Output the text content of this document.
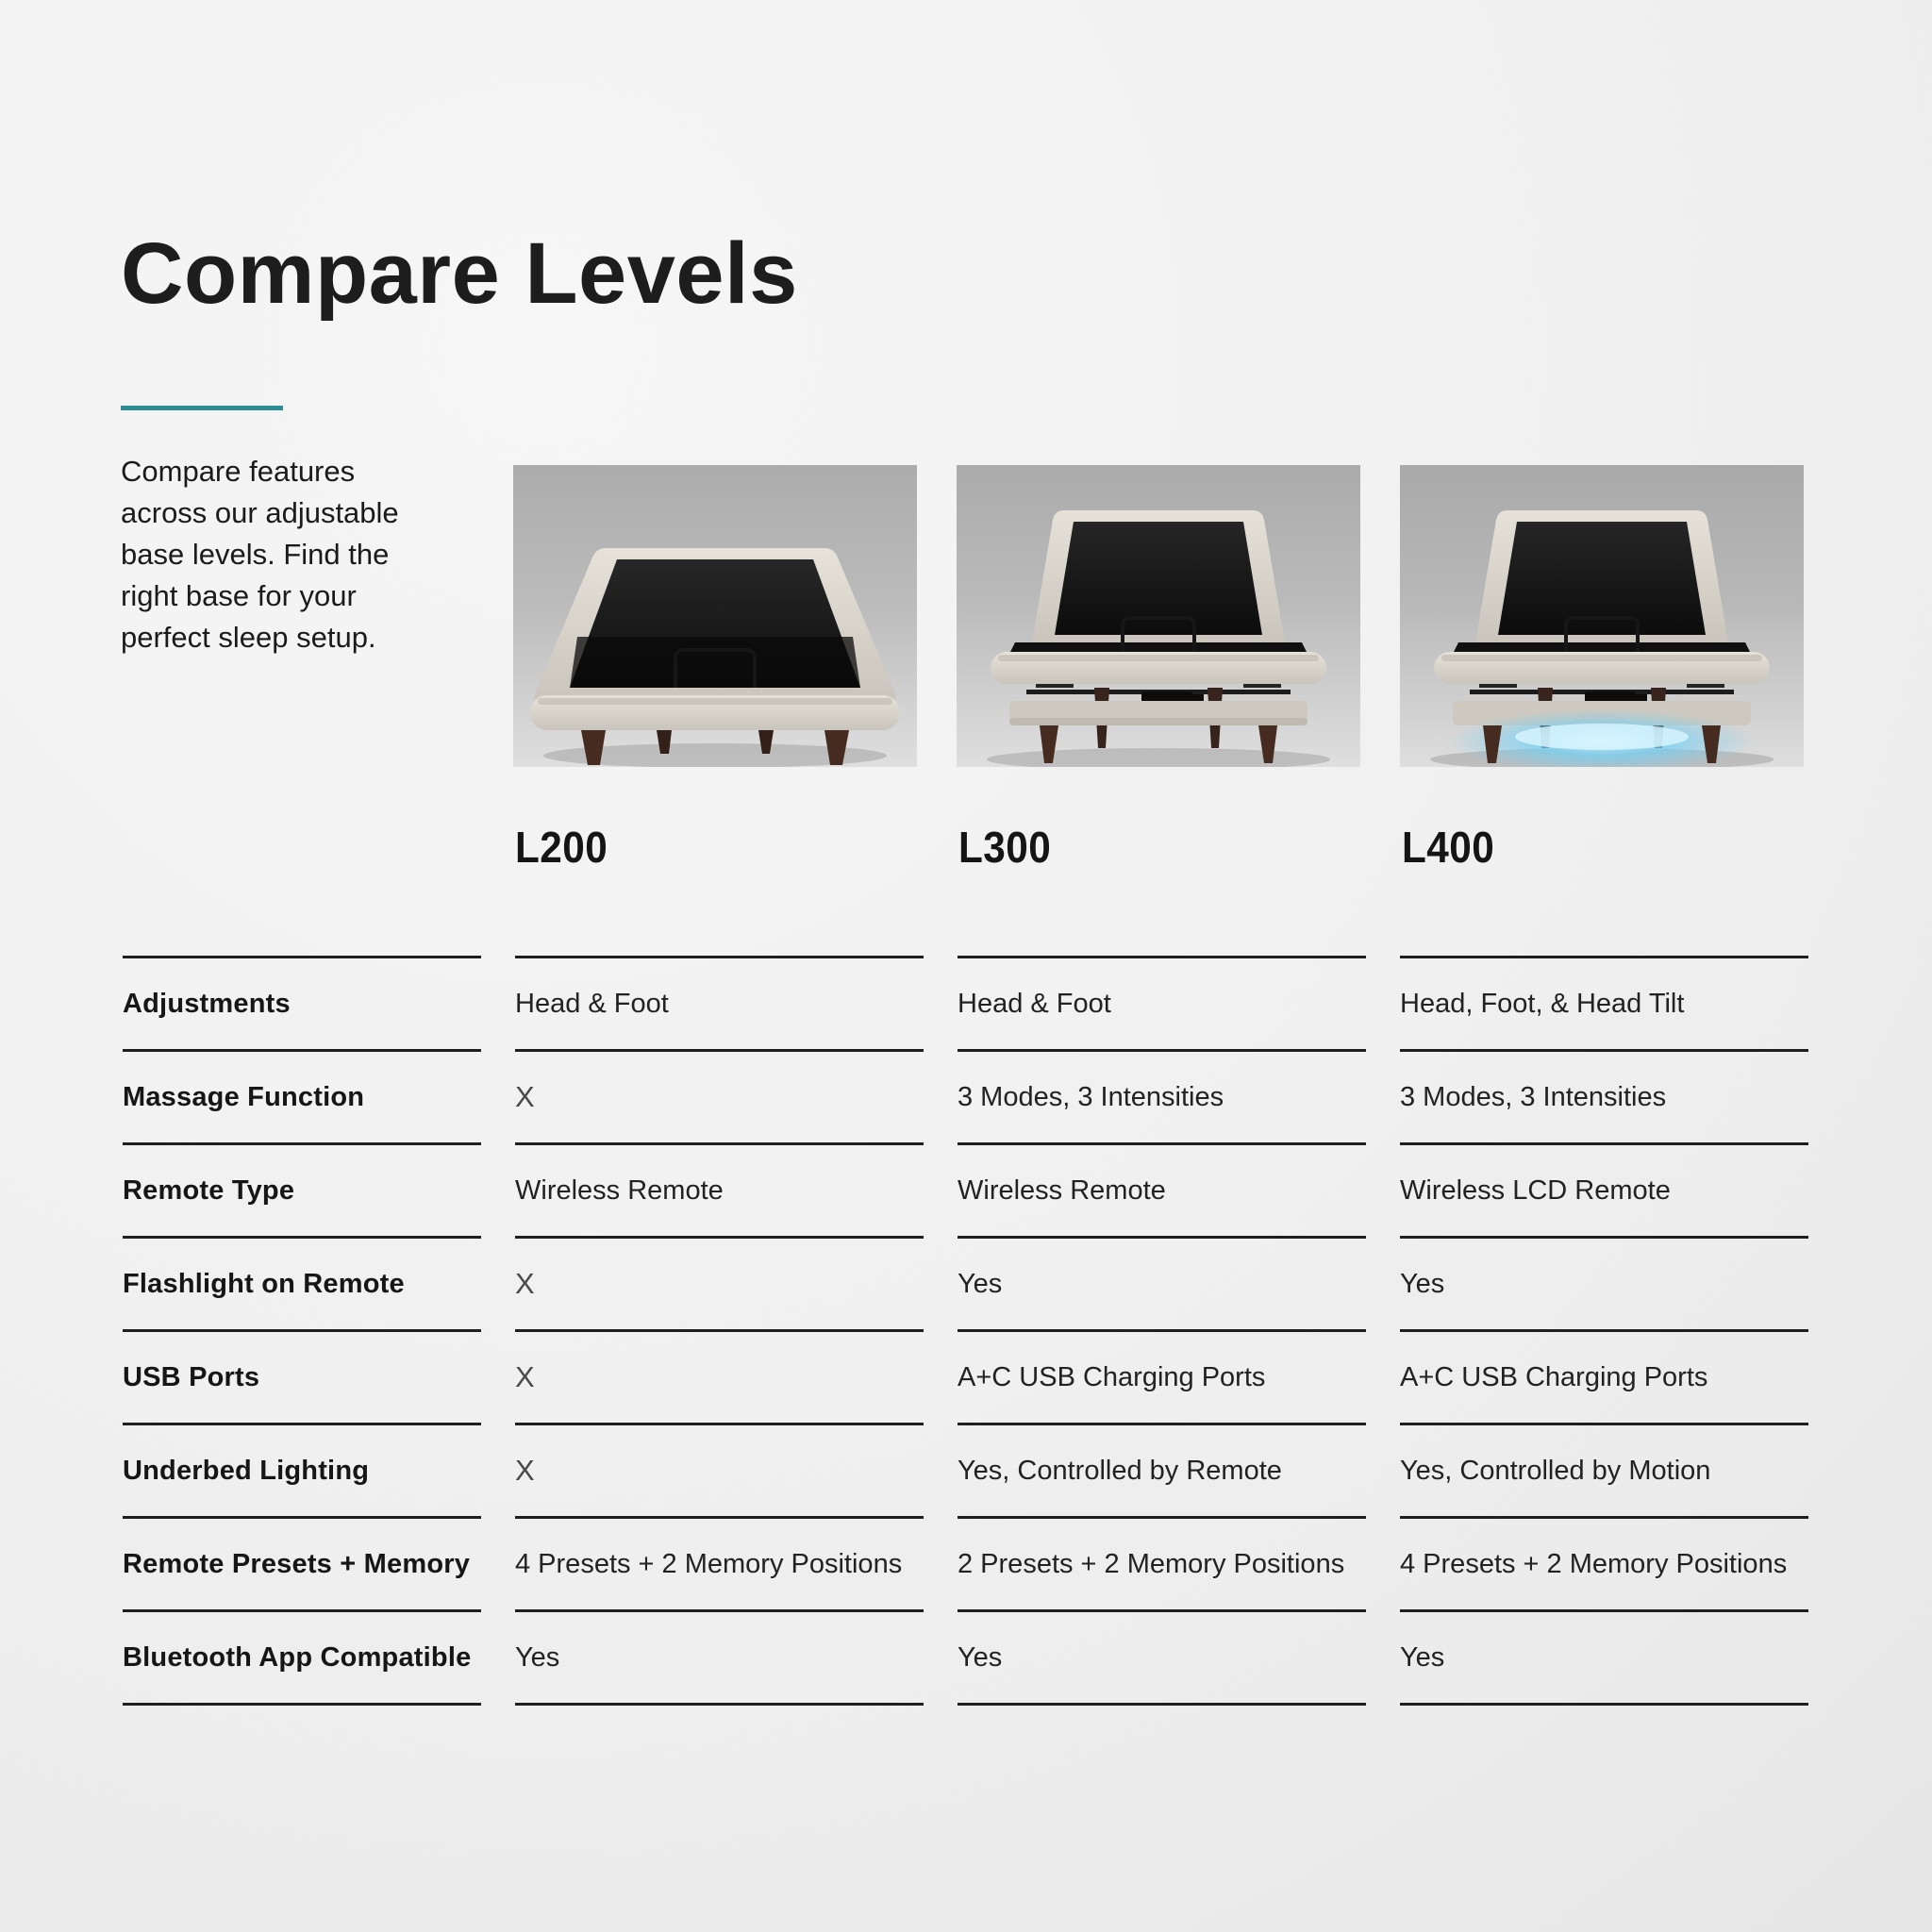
Compare Levels

Compare features across our adjustable base levels. Find the right base for your perfect sleep setup.

L200	L300	L400
Adjustments	Head & Foot	Head & Foot	Head, Foot, & Head Tilt
Massage Function	X	3 Modes, 3 Intensities	3 Modes, 3 Intensities
Remote Type	Wireless Remote	Wireless Remote	Wireless LCD Remote
Flashlight on Remote	X	Yes	Yes
USB Ports	X	A+C USB Charging Ports	A+C USB Charging Ports
Underbed Lighting	X	Yes, Controlled by Remote	Yes, Controlled by Motion
Remote Presets + Memory	4 Presets + 2 Memory Positions	2 Presets + 2 Memory Positions	4 Presets + 2 Memory Positions
Bluetooth App Compatible	Yes	Yes	Yes
